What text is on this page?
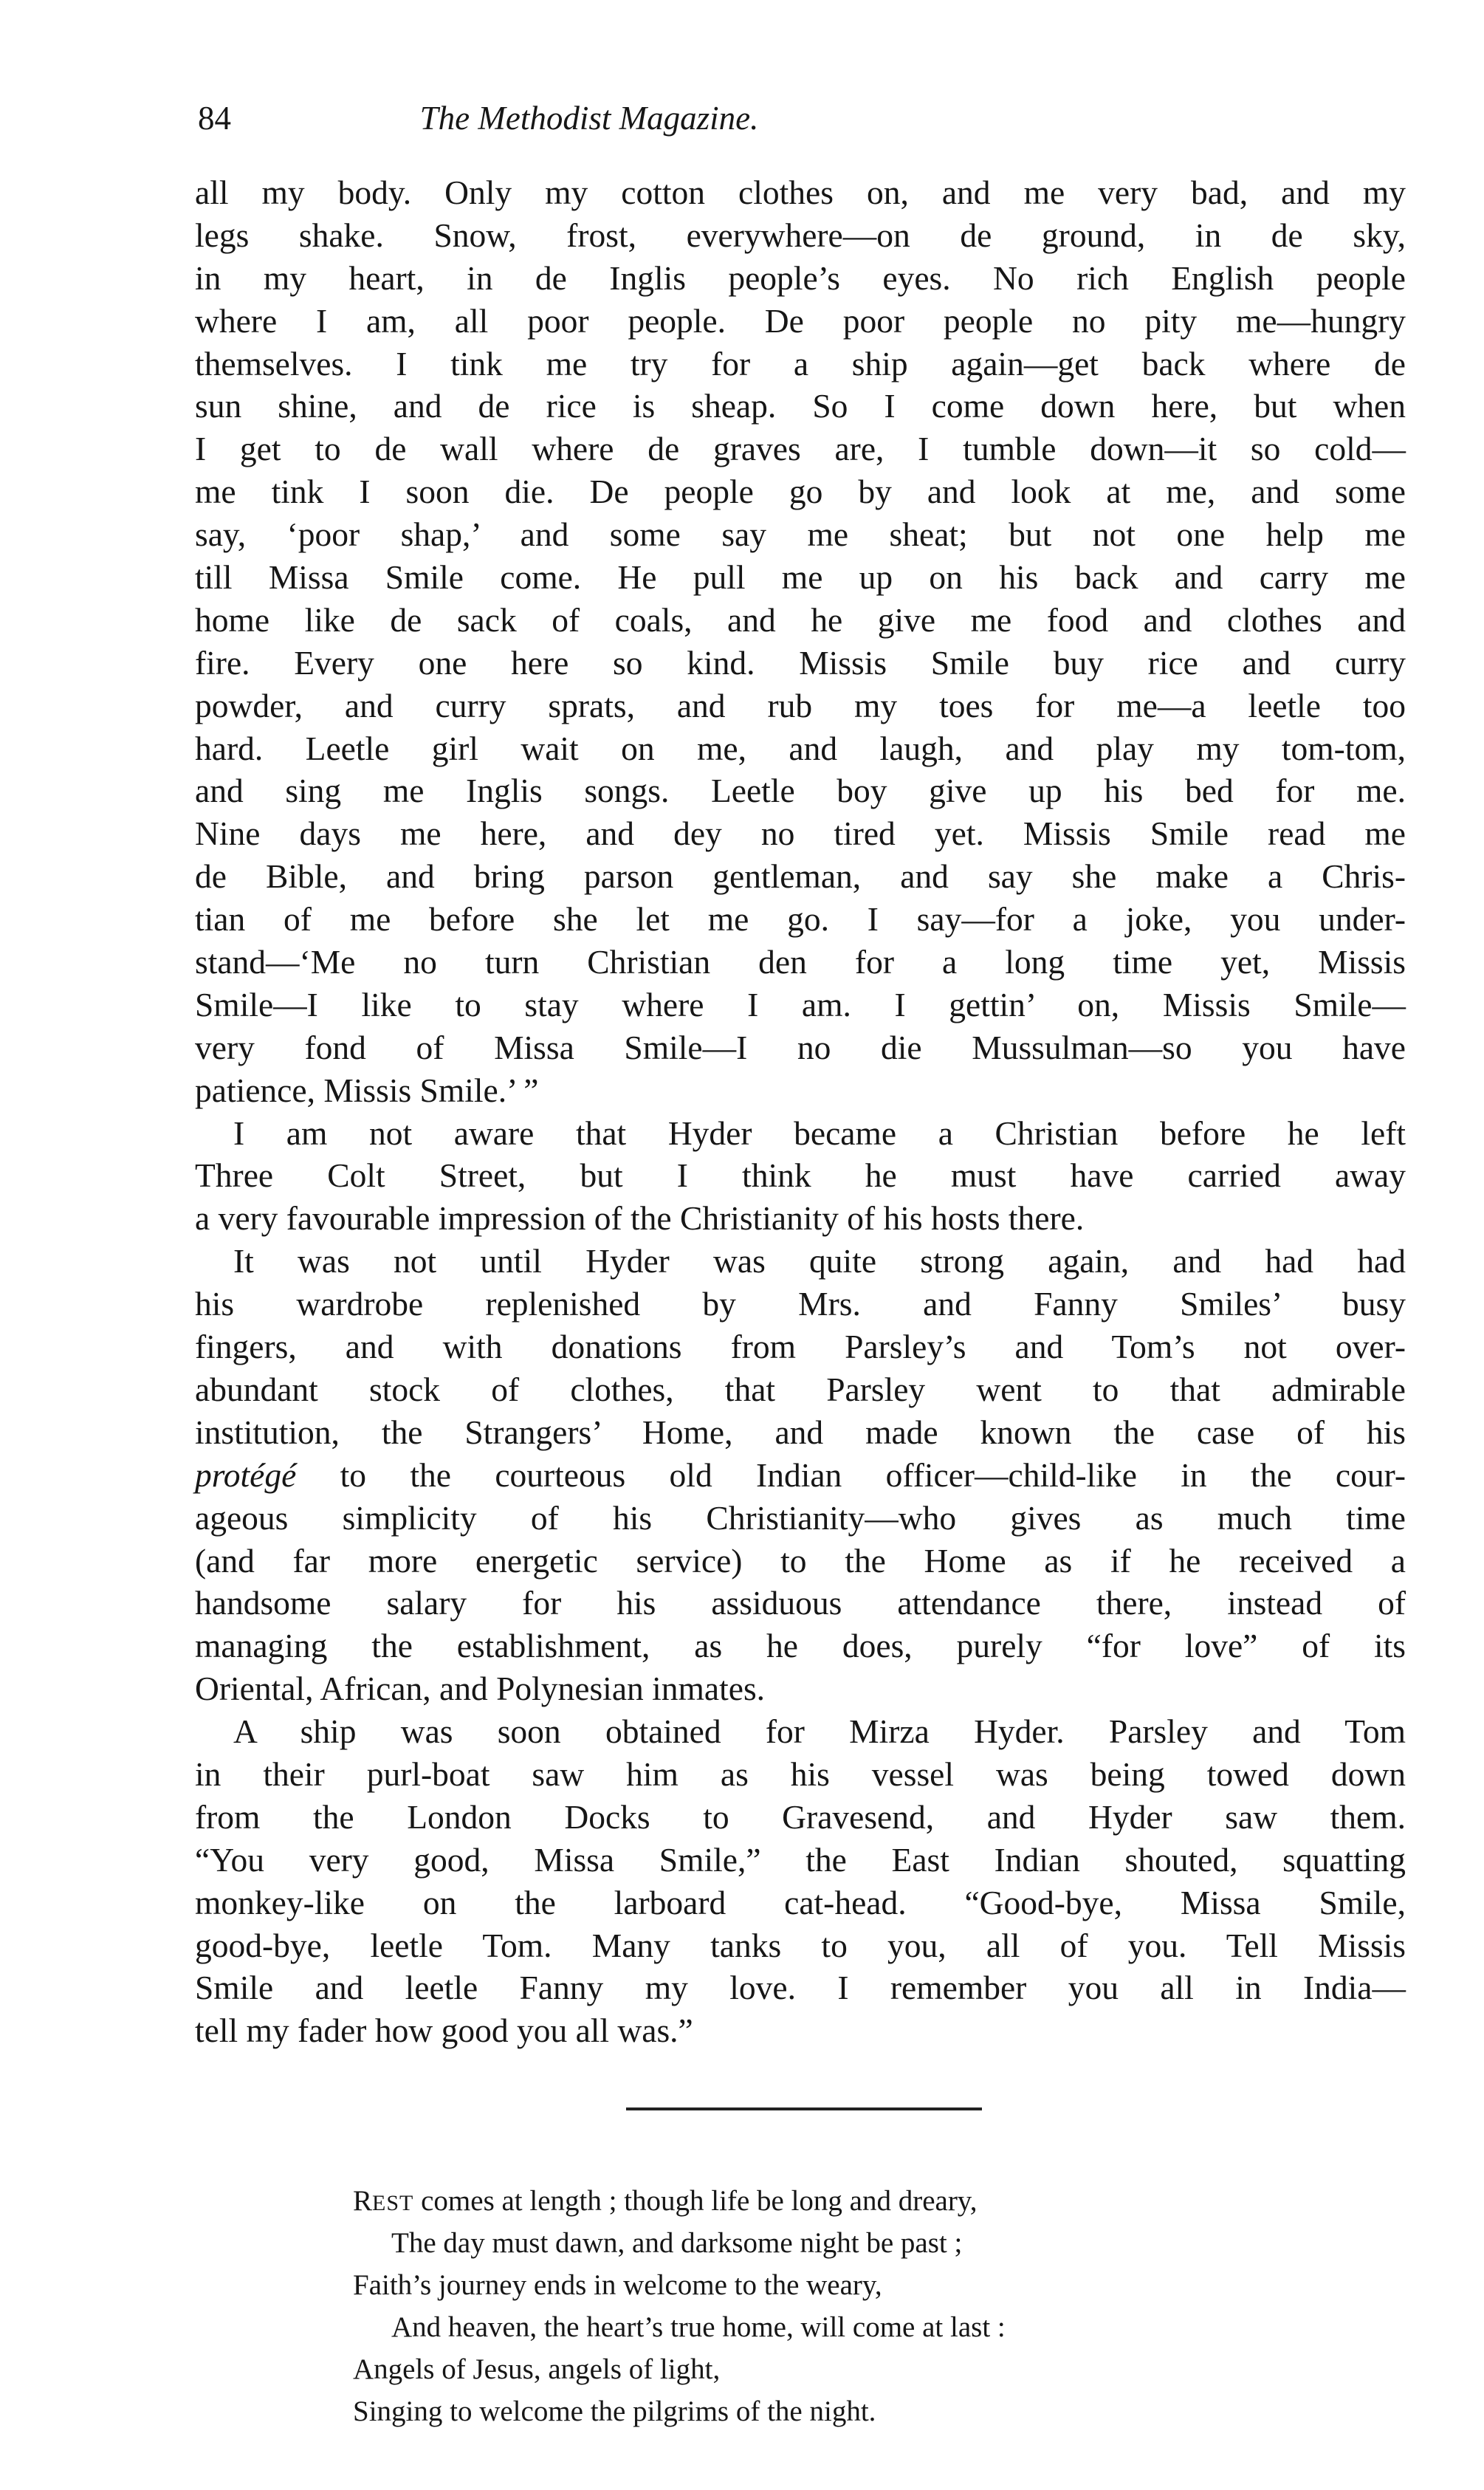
84	The Methodist Magazine.
all my body. Only my cotton clothes on, and me very bad, and my
legs shake. Snow, frost, everywhere—on de ground, in de sky,
in my heart, in de Inglis people’s eyes. No rich English people
where I am, all poor people. De poor people no pity me—hungry
themselves. I tink me try for a ship again—get back where de
sun shine, and de rice is sheap. So I come down here, but when
I get to de wall where de graves are, I tumble down—it so cold—
me tink I soon die. De people go by and look at me, and some
say, ‘poor shap,’ and some say me sheat; but not one help me
till Missa Smile come. He pull me up on his back and carry me
home like de sack of coals, and he give me food and clothes and
fire. Every one here so kind. Missis Smile buy rice and curry
powder, and curry sprats, and rub my toes for me—a leetle too
hard. Leetle girl wait on me, and laugh, and play my tom-tom,
and sing me Inglis songs. Leetle boy give up his bed for me.
Nine days me here, and dey no tired yet. Missis Smile read me
de Bible, and bring parson gentleman, and say she make a Chris-
tian of me before she let me go. I say—for a joke, you under-
stand—‘Me no turn Christian den for a long time yet, Missis
Smile—I like to stay where I am. I gettin’ on, Missis Smile—
very fond of Missa Smile—I no die Mussulman—so you have
patience, Missis Smile.’ ”
I am not aware that Hyder became a Christian before he left
Three Colt Street, but I think he must have carried away
a very favourable impression of the Christianity of his hosts there.
It was not until Hyder was quite strong again, and had had
his wardrobe replenished by Mrs. and Fanny Smiles’ busy
fingers, and with donations from Parsley’s and Tom’s not over-
abundant stock of clothes, that Parsley went to that admirable
institution, the Strangers’ Home, and made known the case of his
protégé to the courteous old Indian officer—child-like in the cour-
ageous simplicity of his Christianity—who gives as much time
(and far more energetic service) to the Home as if he received a
handsome salary for his assiduous attendance there, instead of
managing the establishment, as he does, purely “for love” of its
Oriental, African, and Polynesian inmates.
A ship was soon obtained for Mirza Hyder. Parsley and Tom
in their purl-boat saw him as his vessel was being towed down
from the London Docks to Gravesend, and Hyder saw them.
“You very good, Missa Smile,” the East Indian shouted, squatting
monkey-like on the larboard cat-head. “Good-bye, Missa Smile,
good-bye, leetle Tom. Many tanks to you, all of you. Tell Missis
Smile and leetle Fanny my love. I remember you all in India—
tell my fader how good you all was.”
REST comes at length ; though life be long and dreary,
The day must dawn, and darksome night be past ;
Faith’s journey ends in welcome to the weary,
And heaven, the heart’s true home, will come at last :
Angels of Jesus, angels of light,
Singing to welcome the pilgrims of the night.
